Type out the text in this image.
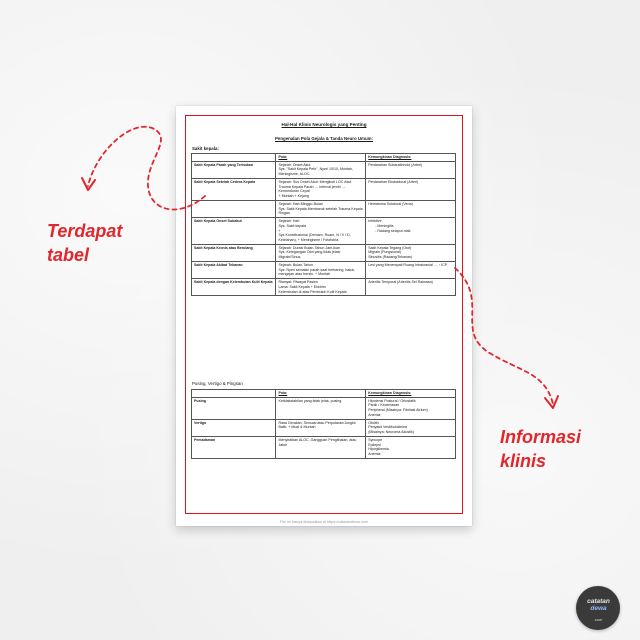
Hal-Hal Klinis Neurologis yang Penting
Pengenalan Pola Gejala & Tanda Neuro Umum:
Sakit kepala:
	Pola:	Kemungkinan Diagnosis:
Sakit Kepala Parah yang Terisolasi	Sejarah: Onset Akut
Sys: "Sakit Kepala Petir", Nyeri 10/10, Muntah, Meningisme, ALOC.	Perdarahan Subarakhnoid (Arteri)

Sakit Kepala Setelah Cedera Kepala	Sejarah: Sus Onset Akut: Mengikuti LOC Akut
Trauma Kepala Parah → Interval jernih → Kemunduran Cepat
+ Muntah + Kejang	Perdarahan Ekstradural (Arteri)

	Sejarah: Hari-Minggu-Bulan
Sys: Sakit Kepala Membaruk setelah Trauma Kepala Ringan.	Hematoma Subdural (Vena)

Sakit Kepala Onset Subakut	Sejarah: Hari
Sys: Sakit kepala
+
Sys Konstitusional (Demam, Ruam, N / V / D, Kelelahan), + Meningisme / Fotofobia.	Infektive
- Meningitis
- Radang selaput otak.

Sakit Kepala Kronis atau Berulang	Sejarah: Durasi Bulan-Tahun Jam-ikan
Sys: Ketegangan Otot yang tidak jelas/
Migrain/Sinus.	Sakit Kepala Tegang (Otot)
Migrain (Fungsional)
Sinusitis (Radang/Tekanan)

Sakit Kepala Akibat Tekanan	Sejarah: Bulan-Tahun
Sys: Nyeri semakin parah saat berbaring, batuk, mengejan atau bersin. + Muntah	Lesi yang Menempati Ruang Intrakranial → ↑ ICP

Sakit Kepala dengan Kelembutan Kulit Kepala	Riwayat: Riwayat Pasien
Lama: Sakit Kepala + Ekstrim
Kelembutan di atas Pembuluh Kulit Kepala	Arteritis Temporal (Arteritis Sel Raksasa)
Pusing, Vertigo & Pingsan
	Pola:	Kemungkinan Diagnosis:
Pusing	Ketidakstabilan yang tidak jelas, pusing.	Hipotensi Postural / Ortostatik
Panik / Kecemasan
Peripheral (Misalnya: Fibrilasi Atrium)
Anemia

Vertigo	Rasa Gerakan, Sensasi atau Perputaran/Jungkir Balik. + Mual & Muntah	Otolith
Penyakit Vestibulokleiea
(Misalnya: Neuroma Akustik)

Pemadaman	Menyiratkan ALOC, Gangguan Penglihatan, atau Jatuh	Syncope
Epilepsi
Hipoglikemia
Anemia
File ini hanya didapatkan di https://catatandewa.com
Terdapat tabel
Informasi klinis
catatan
dewa
.com
